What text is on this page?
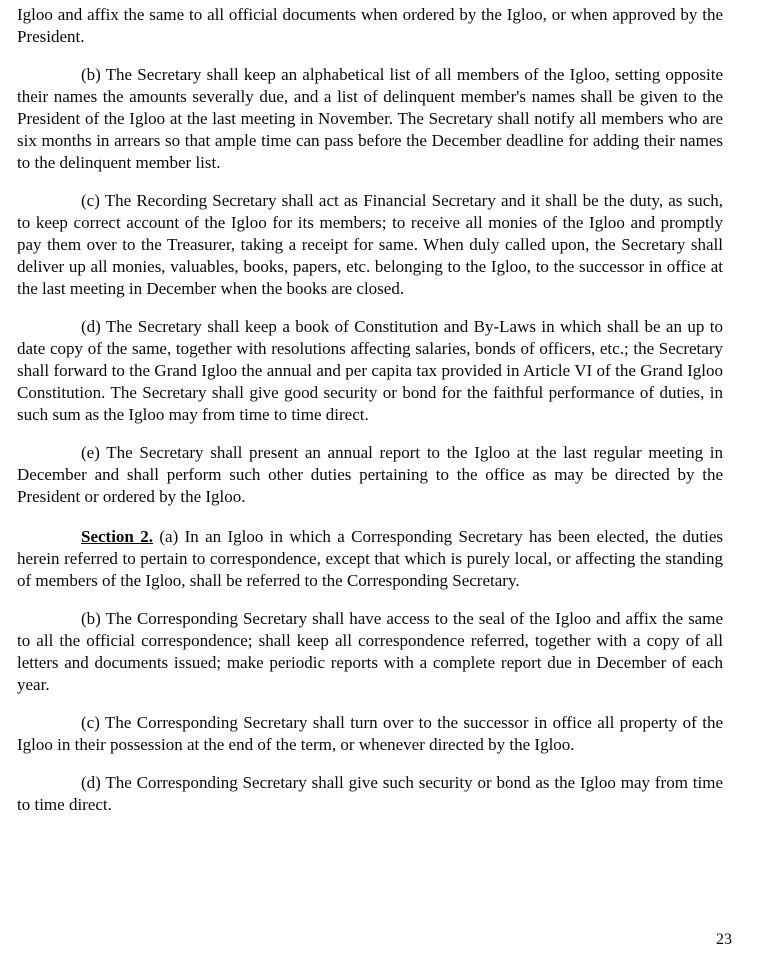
Igloo and affix the same to all official documents when ordered by the Igloo, or when approved by the President.

(b) The Secretary shall keep an alphabetical list of all members of the Igloo, setting opposite their names the amounts severally due, and a list of delinquent member's names shall be given to the President of the Igloo at the last meeting in November. The Secretary shall notify all members who are six months in arrears so that ample time can pass before the December deadline for adding their names to the delinquent member list.

(c) The Recording Secretary shall act as Financial Secretary and it shall be the duty, as such, to keep correct account of the Igloo for its members; to receive all monies of the Igloo and promptly pay them over to the Treasurer, taking a receipt for same. When duly called upon, the Secretary shall deliver up all monies, valuables, books, papers, etc. belonging to the Igloo, to the successor in office at the last meeting in December when the books are closed.

(d) The Secretary shall keep a book of Constitution and By-Laws in which shall be an up to date copy of the same, together with resolutions affecting salaries, bonds of officers, etc.; the Secretary shall forward to the Grand Igloo the annual and per capita tax provided in Article VI of the Grand Igloo Constitution. The Secretary shall give good security or bond for the faithful performance of duties, in such sum as the Igloo may from time to time direct.

(e) The Secretary shall present an annual report to the Igloo at the last regular meeting in December and shall perform such other duties pertaining to the office as may be directed by the President or ordered by the Igloo.

Section 2. (a) In an Igloo in which a Corresponding Secretary has been elected, the duties herein referred to pertain to correspondence, except that which is purely local, or affecting the standing of members of the Igloo, shall be referred to the Corresponding Secretary.

(b) The Corresponding Secretary shall have access to the seal of the Igloo and affix the same to all the official correspondence; shall keep all correspondence referred, together with a copy of all letters and documents issued; make periodic reports with a complete report due in December of each year.

(c) The Corresponding Secretary shall turn over to the successor in office all property of the Igloo in their possession at the end of the term, or whenever directed by the Igloo.

(d) The Corresponding Secretary shall give such security or bond as the Igloo may from time to time direct.

23
